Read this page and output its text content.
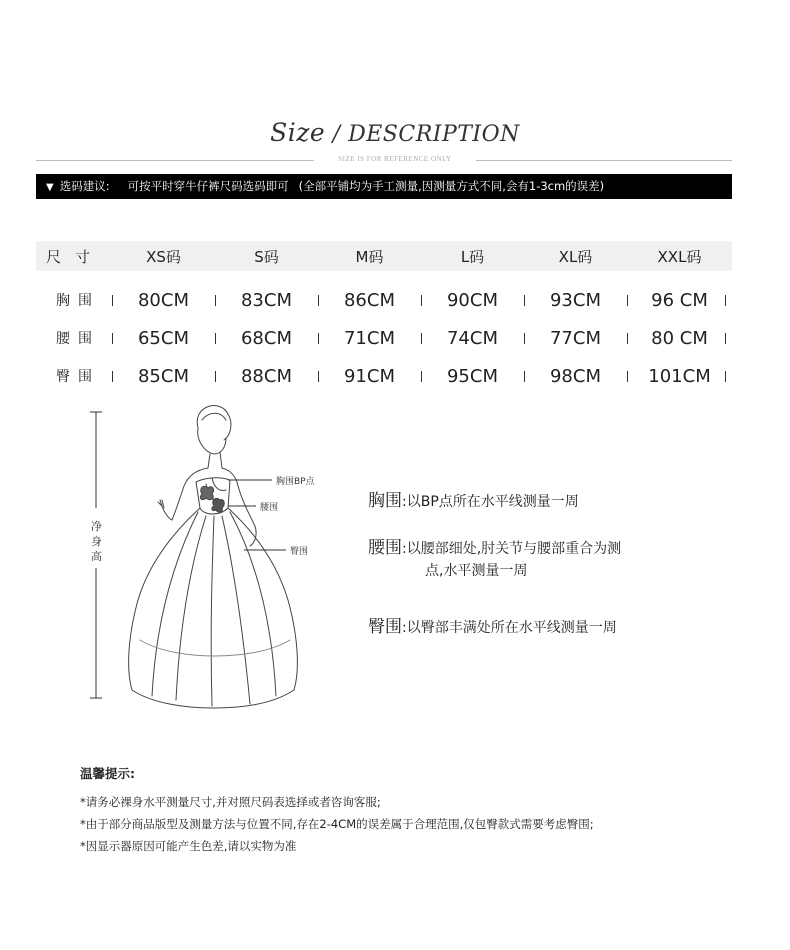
Size / DESCRIPTION
SIZE IS FOR REFERENCE ONLY
▼ 选码建议: 可按平时穿牛仔裤尺码选码即可 (全部平铺均为手工测量,因测量方式不同,会有1-3cm的误差)
尺寸	XS码	S码	M码	L码	XL码	XXL码
胸围	80CM	83CM	86CM	90CM	93CM	96 CM
腰围	65CM	68CM	71CM	74CM	77CM	80 CM
臀围	85CM	88CM	91CM	95CM	98CM	101CM
净
身
高
胸围BP点
腰围
臀围
胸围:以BP点所在水平线测量一周
腰围:以腰部细处,肘关节与腰部重合为测
点,水平测量一周
臀围:以臀部丰满处所在水平线测量一周
温馨提示:
*请务必裸身水平测量尺寸,并对照尺码表选择或者咨询客服;
*由于部分商品版型及测量方法与位置不同,存在2-4CM的误差属于合理范围,仅包臀款式需要考虑臀围;
*因显示器原因可能产生色差,请以实物为准
